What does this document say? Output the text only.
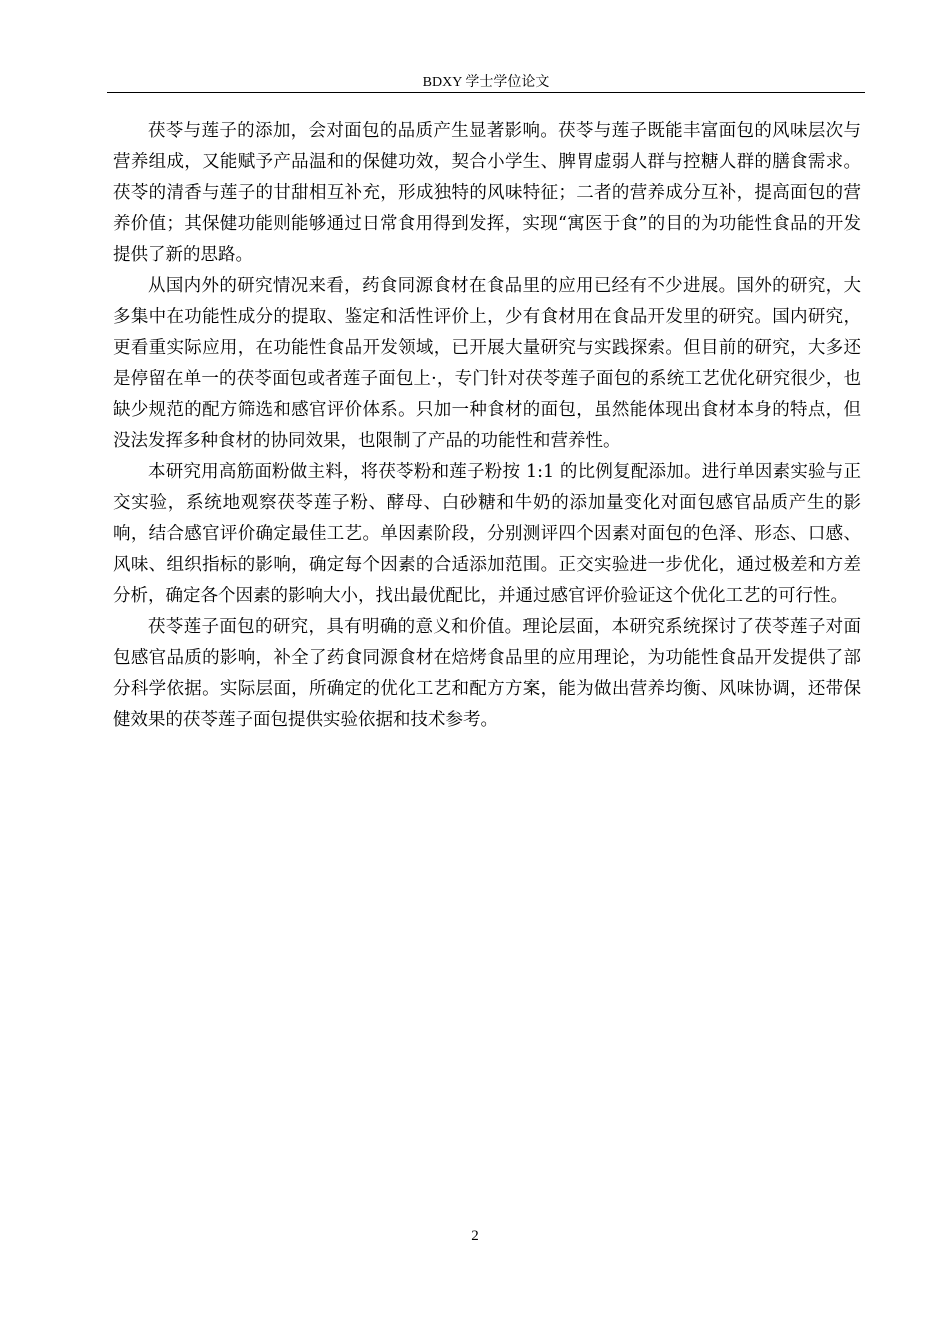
BDXY 学士学位论文

茯苓与莲子的添加，会对面包的品质产生显著影响。茯苓与莲子既能丰富面包的风味层次与营养组成，又能赋予产品温和的保健功效，契合小学生、脾胃虚弱人群与控糖人群的膳食需求。茯苓的清香与莲子的甘甜相互补充，形成独特的风味特征；二者的营养成分互补，提高面包的营养价值；其保健功能则能够通过日常食用得到发挥，实现“寓医于食”的目的为功能性食品的开发提供了新的思路。

从国内外的研究情况来看，药食同源食材在食品里的应用已经有不少进展。国外的研究，大多集中在功能性成分的提取、鉴定和活性评价上，少有食材用在食品开发里的研究。国内研究，更看重实际应用，在功能性食品开发领域，已开展大量研究与实践探索。但目前的研究，大多还是停留在单一的茯苓面包或者莲子面包上·，专门针对茯苓莲子面包的系统工艺优化研究很少，也缺少规范的配方筛选和感官评价体系。只加一种食材的面包，虽然能体现出食材本身的特点，但没法发挥多种食材的协同效果，也限制了产品的功能性和营养性。

本研究用高筋面粉做主料，将茯苓粉和莲子粉按 1:1 的比例复配添加。进行单因素实验与正交实验，系统地观察茯苓莲子粉、酵母、白砂糖和牛奶的添加量变化对面包感官品质产生的影响，结合感官评价确定最佳工艺。单因素阶段，分别测评四个因素对面包的色泽、形态、口感、风味、组织指标的影响，确定每个因素的合适添加范围。正交实验进一步优化，通过极差和方差分析，确定各个因素的影响大小，找出最优配比，并通过感官评价验证这个优化工艺的可行性。

茯苓莲子面包的研究，具有明确的意义和价值。理论层面，本研究系统探讨了茯苓莲子对面包感官品质的影响，补全了药食同源食材在焙烤食品里的应用理论，为功能性食品开发提供了部分科学依据。实际层面，所确定的优化工艺和配方方案，能为做出营养均衡、风味协调，还带保健效果的茯苓莲子面包提供实验依据和技术参考。

2
